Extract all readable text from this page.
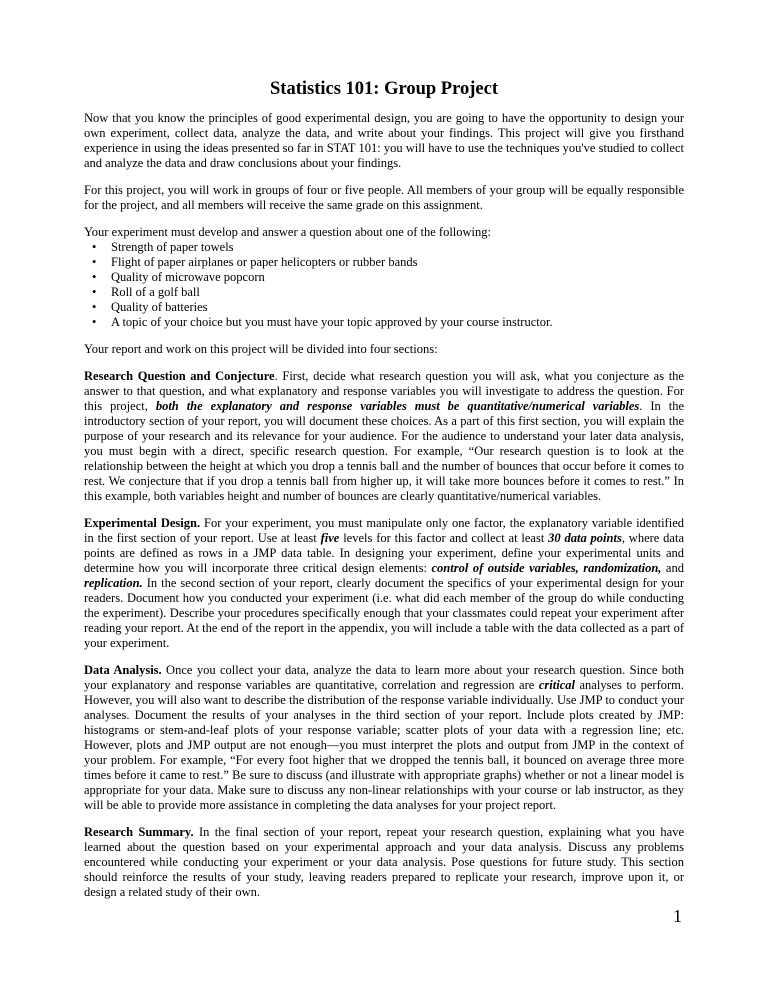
Statistics 101: Group Project

Now that you know the principles of good experimental design, you are going to have the opportunity to design your own experiment, collect data, analyze the data, and write about your findings. This project will give you firsthand experience in using the ideas presented so far in STAT 101: you will have to use the techniques you've studied to collect and analyze the data and draw conclusions about your findings.

For this project, you will work in groups of four or five people. All members of your group will be equally responsible for the project, and all members will receive the same grade on this assignment.

Your experiment must develop and answer a question about one of the following:

• Strength of paper towels
• Flight of paper airplanes or paper helicopters or rubber bands
• Quality of microwave popcorn
• Roll of a golf ball
• Quality of batteries
• A topic of your choice but you must have your topic approved by your course instructor.

Your report and work on this project will be divided into four sections:

Research Question and Conjecture. First, decide what research question you will ask, what you conjecture as the answer to that question, and what explanatory and response variables you will investigate to address the question. For this project, both the explanatory and response variables must be quantitative/numerical variables. In the introductory section of your report, you will document these choices. As a part of this first section, you will explain the purpose of your research and its relevance for your audience. For the audience to understand your later data analysis, you must begin with a direct, specific research question. For example, “Our research question is to look at the relationship between the height at which you drop a tennis ball and the number of bounces that occur before it comes to rest. We conjecture that if you drop a tennis ball from higher up, it will take more bounces before it comes to rest.” In this example, both variables height and number of bounces are clearly quantitative/numerical variables.

Experimental Design. For your experiment, you must manipulate only one factor, the explanatory variable identified in the first section of your report. Use at least five levels for this factor and collect at least 30 data points, where data points are defined as rows in a JMP data table. In designing your experiment, define your experimental units and determine how you will incorporate three critical design elements: control of outside variables, randomization, and replication. In the second section of your report, clearly document the specifics of your experimental design for your readers. Document how you conducted your experiment (i.e. what did each member of the group do while conducting the experiment). Describe your procedures specifically enough that your classmates could repeat your experiment after reading your report. At the end of the report in the appendix, you will include a table with the data collected as a part of your experiment.

Data Analysis. Once you collect your data, analyze the data to learn more about your research question. Since both your explanatory and response variables are quantitative, correlation and regression are critical analyses to perform. However, you will also want to describe the distribution of the response variable individually. Use JMP to conduct your analyses. Document the results of your analyses in the third section of your report. Include plots created by JMP: histograms or stem-and-leaf plots of your response variable; scatter plots of your data with a regression line; etc. However, plots and JMP output are not enough—you must interpret the plots and output from JMP in the context of your problem. For example, “For every foot higher that we dropped the tennis ball, it bounced on average three more times before it came to rest.” Be sure to discuss (and illustrate with appropriate graphs) whether or not a linear model is appropriate for your data. Make sure to discuss any non-linear relationships with your course or lab instructor, as they will be able to provide more assistance in completing the data analyses for your project report.

Research Summary. In the final section of your report, repeat your research question, explaining what you have learned about the question based on your experimental approach and your data analysis. Discuss any problems encountered while conducting your experiment or your data analysis. Pose questions for future study. This section should reinforce the results of your study, leaving readers prepared to replicate your research, improve upon it, or design a related study of their own.

1
